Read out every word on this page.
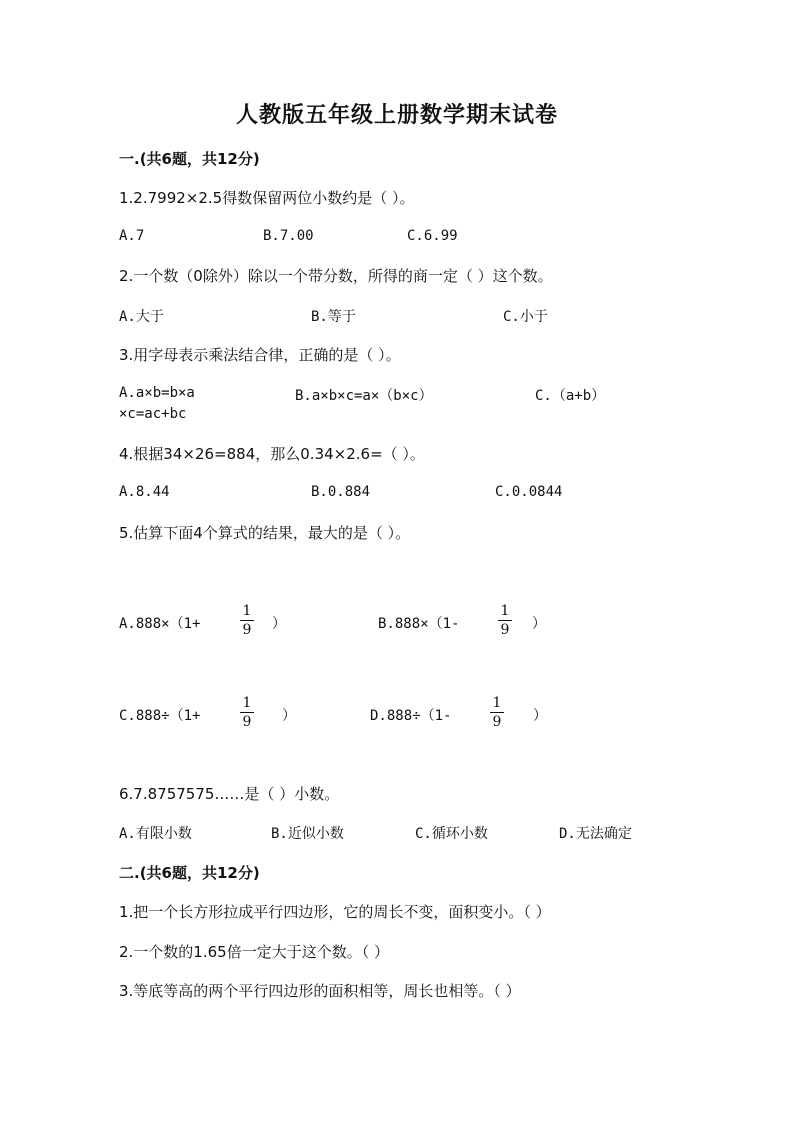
人教版五年级上册数学期末试卷
一.(共6题，共12分)
1.2.7992×2.5得数保留两位小数约是（ ）。
A.7	B.7.00	C.6.99
2.一个数（0除外）除以一个带分数，所得的商一定（ ）这个数。
A.大于	B.等于	C.小于
3.用字母表示乘法结合律，正确的是（ ）。
A.a×b=b×a	B.a×b×c=a×（b×c）	C.（a+b）
×c=ac+bc
4.根据34×26=884，那么0.34×2.6=（ ）。
A.8.44	B.0.884	C.0.0844
5.估算下面4个算式的结果，最大的是（ ）。
A.888×（1+
1
9 ）	B.888×（1-
1
9 ）
C.888÷（1+
1
9 ）	D.888÷（1-
1
9 ）
6.7.8757575……是（ ）小数。
A.有限小数	B.近似小数	C.循环小数	D.无法确定
二.(共6题，共12分)
1.把一个长方形拉成平行四边形，它的周长不变，面积变小。（ ）
2.一个数的1.65倍一定大于这个数。（ ）
3.等底等高的两个平行四边形的面积相等，周长也相等。（ ）
